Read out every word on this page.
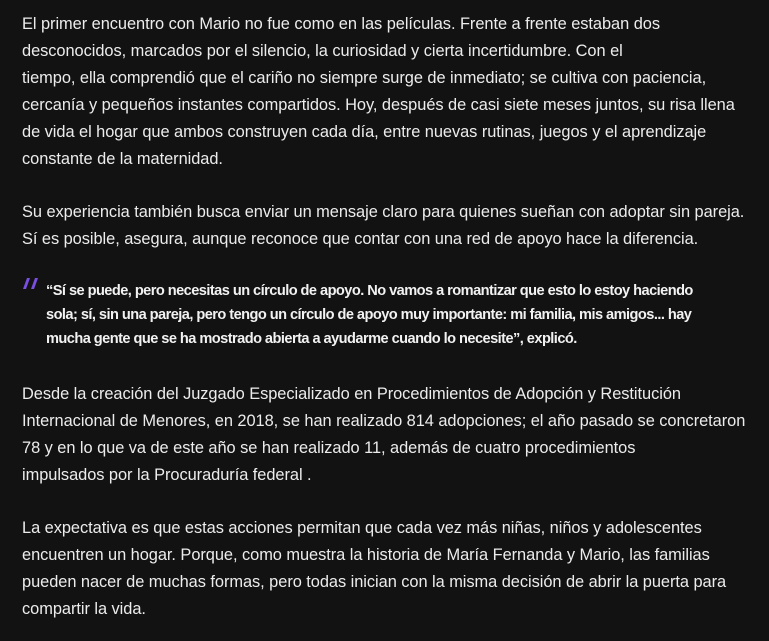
El primer encuentro con Mario no fue como en las películas. Frente a frente estaban dos
desconocidos, marcados por el silencio, la curiosidad y cierta incertidumbre. Con el
tiempo, ella comprendió que el cariño no siempre surge de inmediato; se cultiva con paciencia,
cercanía y pequeños instantes compartidos. Hoy, después de casi siete meses juntos, su risa llena
de vida el hogar que ambos construyen cada día, entre nuevas rutinas, juegos y el aprendizaje
constante de la maternidad.

Su experiencia también busca enviar un mensaje claro para quienes sueñan con adoptar sin pareja.
Sí es posible, asegura, aunque reconoce que contar con una red de apoyo hace la diferencia.

“Sí se puede, pero necesitas un círculo de apoyo. No vamos a romantizar que esto lo estoy haciendo
sola; sí, sin una pareja, pero tengo un círculo de apoyo muy importante: mi familia, mis amigos... hay
mucha gente que se ha mostrado abierta a ayudarme cuando lo necesite”, explicó.

Desde la creación del Juzgado Especializado en Procedimientos de Adopción y Restitución
Internacional de Menores, en 2018, se han realizado 814 adopciones; el año pasado se concretaron
78 y en lo que va de este año se han realizado 11, además de cuatro procedimientos
impulsados por la Procuraduría federal .

La expectativa es que estas acciones permitan que cada vez más niñas, niños y adolescentes
encuentren un hogar. Porque, como muestra la historia de María Fernanda y Mario, las familias
pueden nacer de muchas formas, pero todas inician con la misma decisión de abrir la puerta para
compartir la vida.
